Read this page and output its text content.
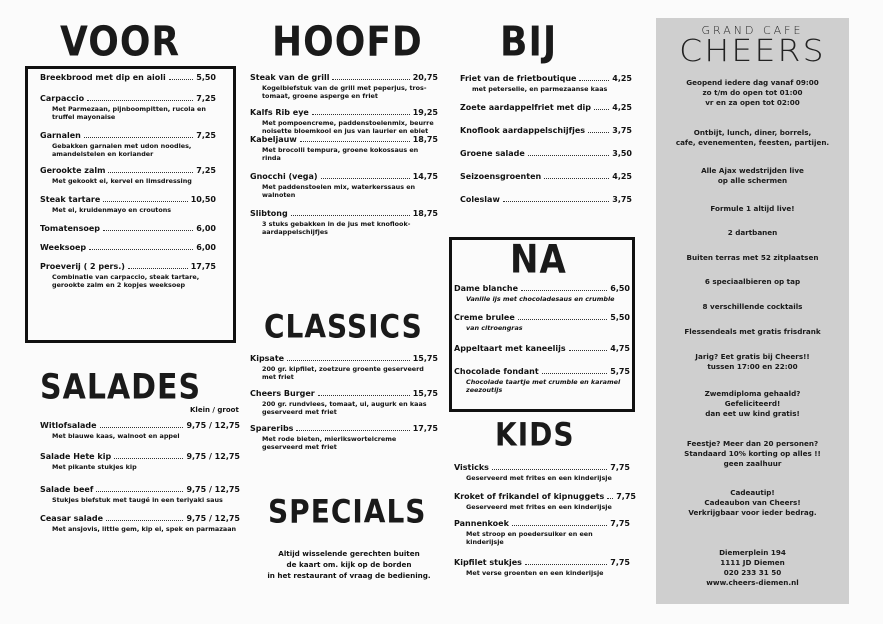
VOOR	HOOFD BIJ
SALADES
CLASSICS
SPECIALS
NA
KIDS
Breekbrood met dip en aioli	5,50
Carpaccio	7,25
Met Parmezaan, pijnboompitten, rucola en truffel mayonaise
Garnalen	7,25
Gebakken garnalen met udon noodles, amandelstelen en koriander
Gerookte zalm	7,25
Met gekookt ei, kervel en limsdressing
Steak tartare	10,50
Met ei, kruidenmayo en croutons
Tomatensoep	6,00
Weeksoep	6,00
Proeverij ( 2 pers.)	17,75
Combinatie van carpaccio, steak tartare, gerookte zalm en 2 kopjes weeksoep
Steak van de grill	20,75
Kogelbiefstuk van de grill met peperjus, tros-tomaat, groene asperge en friet
Kalfs Rib eye	19,25
Met pompoencreme, paddenstoelenmix, beurre noisette bloemkool en jus van laurier en ebiet
Kabeljauw	18,75
Met brocolli tempura, groene kokossaus en rinda
Gnocchi (vega)	14,75
Met paddenstoelen mix, waterkerssaus en walnoten
Slibtong	18,75
3 stuks gebakken in de jus met knoflook-aardappelschijfjes
Kipsate	15,75
200 gr. kipfilet, zoetzure groente geserveerd met friet
Cheers Burger	15,75
200 gr. rundvlees, tomaat, ui, augurk en kaas geserveerd met friet
Spareribs	17,75
Met rode bieten, mierikswortelcreme geserveerd met friet
Altijd wisselende gerechten buiten
de kaart om. kijk op de borden
in het restaurant of vraag de bediening.
Friet van de frietboutique	4,25
met peterselie, en parmezaanse kaas
Zoete aardappelfriet met dip	4,25
Knoflook aardappelschijfjes	3,75
Groene salade	3,50
Seizoensgroenten	4,25
Coleslaw	3,75
Dame blanche	6,50
Vanille ijs met chocoladesaus en crumble
Creme brulee	5,50
van citroengras
Appeltaart met kaneelijs	4,75
Chocolade fondant	5,75
Chocolade taartje met crumble en karamel zeezoutijs
Visticks	7,75
Geserveerd met frites en een kinderijsje
Kroket of frikandel of kipnuggets 7,75
Geserveerd met frites en een kinderijsje
Pannenkoek	7,75
Met stroop en poedersuiker en een kinderijsje
Kipfilet stukjes	7,75
Met verse groenten en een kinderijsje
Klein / groot
Witlofsalade	9,75 / 12,75
Met blauwe kaas, walnoot en appel
Salade Hete kip	9,75 / 12,75
Met pikante stukjes kip
Salade beef	9,75 / 12,75
Stukjes biefstuk met taugé in een teriyaki saus
Ceasar salade	9,75 / 12,75
Met ansjovis, little gem, kip ei, spek en parmazaan
GRAND CAFE
CHEERS
Geopend iedere dag vanaf 09:00
zo t/m do open tot 01:00
vr en za open tot 02:00
Ontbijt, lunch, diner, borrels,
cafe, evenementen, feesten, partijen.
Alle Ajax wedstrijden live
op alle schermen
Formule 1 altijd live!
2 dartbanen
Buiten terras met 52 zitplaatsen
6 speciaalbieren op tap
8 verschillende cocktails
Flessendeals met gratis frisdrank
Jarig? Eet gratis bij Cheers!!
tussen 17:00 en 22:00
Zwemdiploma gehaald?
Gefeliciteerd!
dan eet uw kind gratis!
Feestje? Meer dan 20 personen?
Standaard 10% korting op alles !!
geen zaalhuur
Cadeautip!
Cadeaubon van Cheers!
Verkrijgbaar voor ieder bedrag.
Diemerplein 194
1111 JD Diemen
020 233 31 50
www.cheers-diemen.nl
